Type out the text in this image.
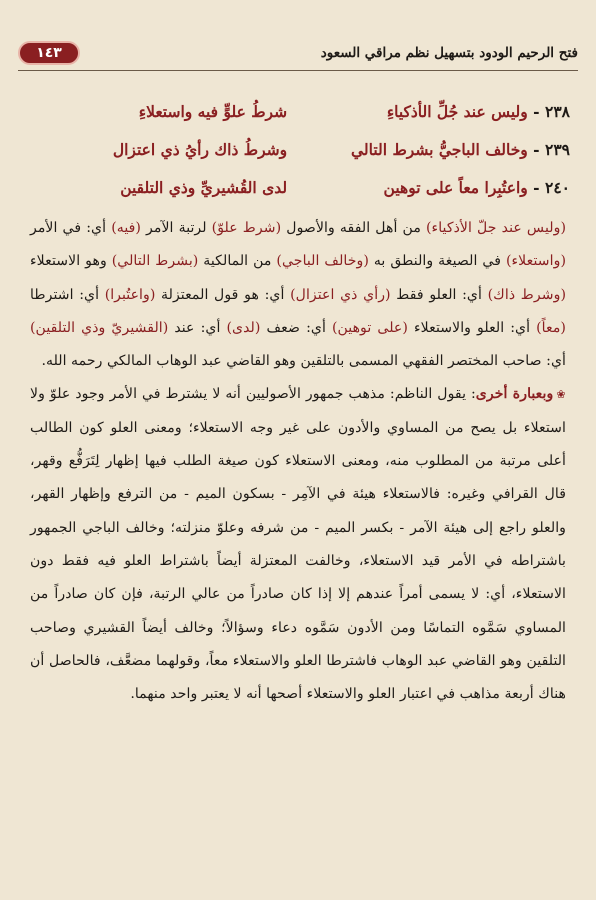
فتح الرحيم الودود بتسهيل نظم مراقي السعود
١٤٣
٢٣٨ - وليس عند جُلِّ الأذكياءِ
شرطُ علوٍّ فيه واستعلاءِ
٢٣٩ - وخالف الباجيُّ بشرط التالي
وشرطُ ذاك رأيُ ذي اعتزال
٢٤٠ - واعتُبِرا معاً على توهين
لدى القُشيريِّ وذي التلقين

(وليس عند جلّ الأذكياء) من أهل الفقه والأصول (شرط علوّ) لرتبة الآمر (فيه) أي: في الأمر (واستعلاء) في الصيغة والنطق به (وخالف الباجي) من المالكية (بشرط التالي) وهو الاستعلاء (وشرط ذاك) أي: العلو فقط (رأي ذي اعتزال) أي: هو قول المعتزلة (واعتُبرا) أي: اشترطا (معاً) أي: العلو والاستعلاء (على توهين) أي: ضعف (لدى) أي: عند (القشيريّ وذي التلقين) أي: صاحب المختصر الفقهي المسمى بالتلقين وهو القاضي عبد الوهاب المالكي رحمه الله.

❀وبعبارة أخرى: يقول الناظم: مذهب جمهور الأصوليين أنه لا يشترط في الأمر وجود علوّ ولا استعلاء بل يصح من المساوي والأدون على غير وجه الاستعلاء؛ ومعنى العلو كون الطالب أعلى مرتبة من المطلوب منه، ومعنى الاستعلاء كون صيغة الطلب فيها إظهار لِتَرَفُّع وقهر، قال القرافي وغيره: فالاستعلاء هيئة في الآمِر - بسكون الميم - من الترفع وإظهار القهر، والعلو راجع إلى هيئة الآمر - بكسر الميم - من شرفه وعلوّ منزلته؛ وخالف الباجي الجمهور باشتراطه في الأمر قيد الاستعلاء، وخالفت المعتزلة أيضاً باشتراط العلو فيه فقط دون الاستعلاء، أي: لا يسمى أمراً عندهم إلا إذا كان صادراً من عالي الرتبة، فإن كان صادراً من المساوي سَمَّوه التماسًا ومن الأدون سَمَّوه دعاء وسؤالاً؛ وخالف أيضاً القشيري وصاحب التلقين وهو القاضي عبد الوهاب فاشترطا العلو والاستعلاء معاً، وقولهما مضعَّف، فالحاصل أن هناك أربعة مذاهب في اعتبار العلو والاستعلاء أصحها أنه لا يعتبر واحد منهما.
